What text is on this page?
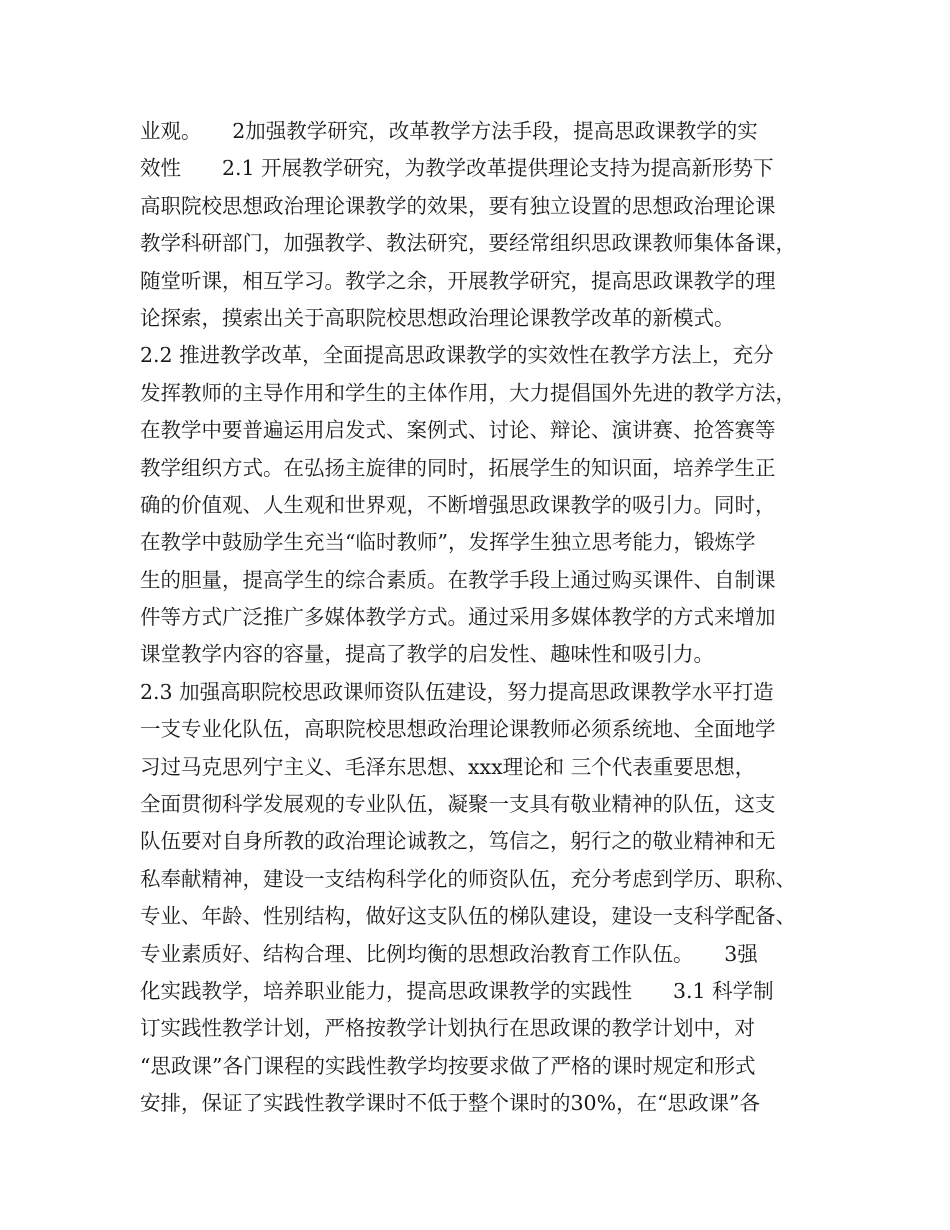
业观。　　2加强教学研究，改革教学方法手段，提高思政课教学的实
效性　　2.1 开展教学研究，为教学改革提供理论支持为提高新形势下
高职院校思想政治理论课教学的效果，要有独立设置的思想政治理论课
教学科研部门，加强教学、教法研究，要经常组织思政课教师集体备课，
随堂听课，相互学习。教学之余，开展教学研究，提高思政课教学的理
论探索，摸索出关于高职院校思想政治理论课教学改革的新模式。
2.2 推进教学改革，全面提高思政课教学的实效性在教学方法上，充分
发挥教师的主导作用和学生的主体作用，大力提倡国外先进的教学方法，
在教学中要普遍运用启发式、案例式、讨论、辩论、演讲赛、抢答赛等
教学组织方式。在弘扬主旋律的同时，拓展学生的知识面，培养学生正
确的价值观、人生观和世界观，不断增强思政课教学的吸引力。同时，
在教学中鼓励学生充当“临时教师”，发挥学生独立思考能力，锻炼学
生的胆量，提高学生的综合素质。在教学手段上通过购买课件、自制课
件等方式广泛推广多媒体教学方式。通过采用多媒体教学的方式来增加
课堂教学内容的容量，提高了教学的启发性、趣味性和吸引力。
2.3 加强高职院校思政课师资队伍建设，努力提高思政课教学水平打造
一支专业化队伍，高职院校思想政治理论课教师必须系统地、全面地学
习过马克思列宁主义、毛泽东思想、xxx理论和 三个代表重要思想，
全面贯彻科学发展观的专业队伍，凝聚一支具有敬业精神的队伍，这支
队伍要对自身所教的政治理论诚教之，笃信之，躬行之的敬业精神和无
私奉献精神，建设一支结构科学化的师资队伍，充分考虑到学历、职称、
专业、年龄、性别结构，做好这支队伍的梯队建设，建设一支科学配备、
专业素质好、结构合理、比例均衡的思想政治教育工作队伍。　　3强
化实践教学，培养职业能力，提高思政课教学的实践性　　3.1 科学制
订实践性教学计划，严格按教学计划执行在思政课的教学计划中，对
“思政课”各门课程的实践性教学均按要求做了严格的课时规定和形式
安排，保证了实践性教学课时不低于整个课时的30%，在“思政课”各
